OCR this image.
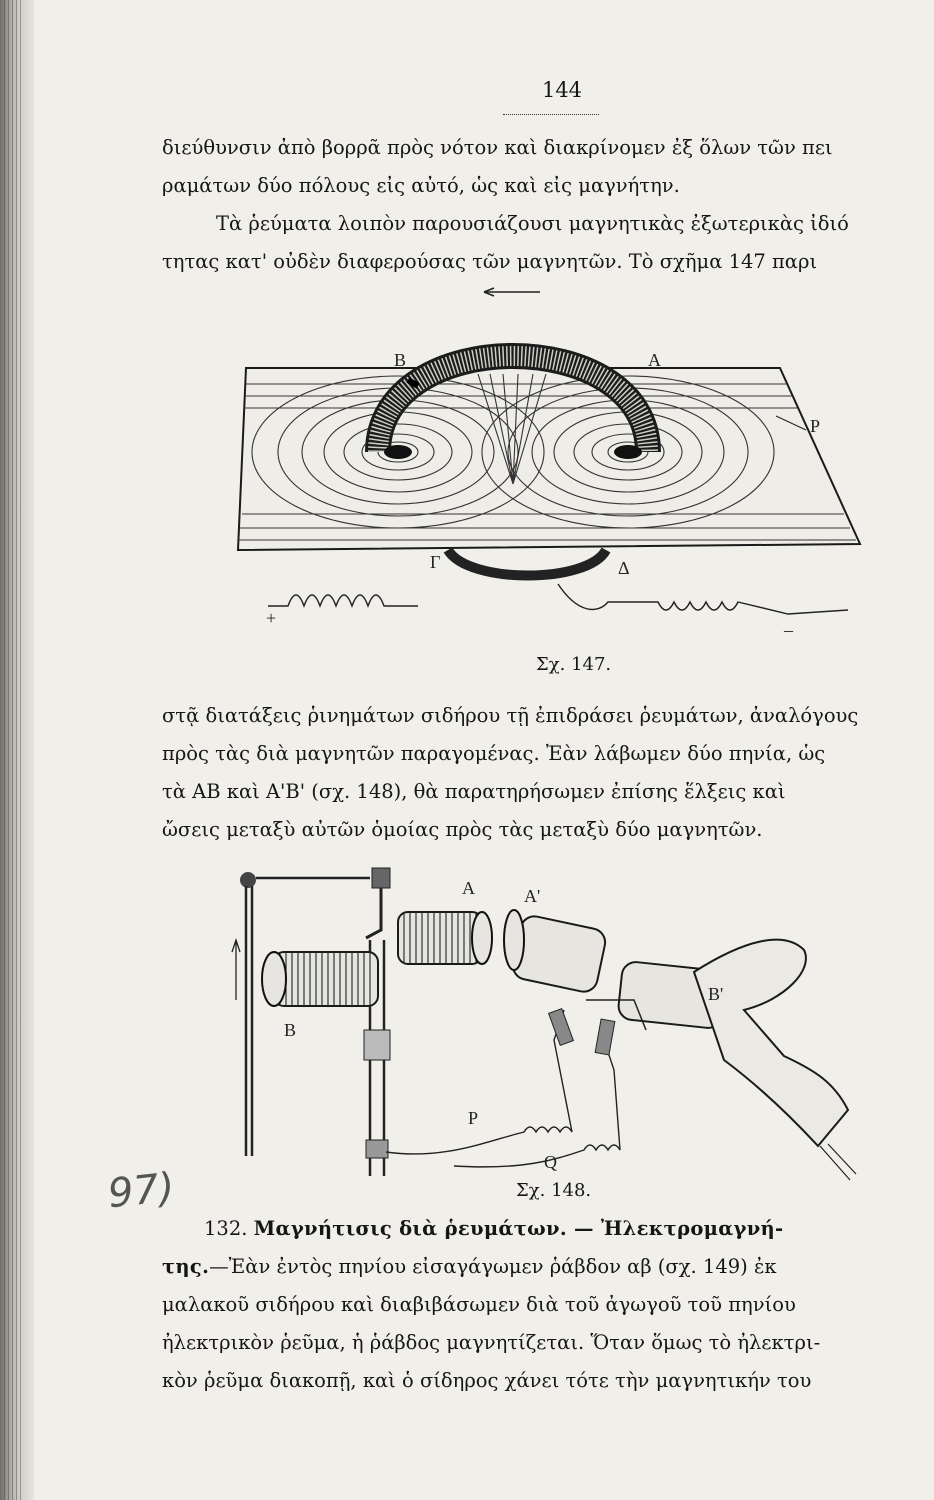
144
διεύθυνσιν ἀπὸ βορρᾶ πρὸς νότον καὶ διακρίνομεν ἐξ ὅλων τῶν πει
ραμάτων δύο πόλους εἰς αὐτό, ὡς καὶ εἰς μαγνήτην.
Τὰ ῥεύματα λοιπὸν παρουσιάζουσι μαγνητικὰς ἐξωτερικὰς ἰδιό
τητας κατ' οὐδὲν διαφερούσας τῶν μαγνητῶν. Τὸ σχῆμα 147 παρι
Β	Α
Ρ
Γ	Δ
+
–
Σχ. 147.
στᾷ διατάξεις ῥινημάτων σιδήρου τῇ ἐπιδράσει ῥευμάτων, ἀναλόγους
πρὸς τὰς διὰ μαγνητῶν παραγομένας. Ἐὰν λάβωμεν δύο πηνία, ὡς
τὰ ΑΒ καὶ Α'Β' (σχ. 148), θὰ παρατηρήσωμεν ἐπίσης ἕλξεις καὶ
ὤσεις μεταξὺ αὐτῶν ὁμοίας πρὸς τὰς μεταξὺ δύο μαγνητῶν.
Α
Β
Α'
Β'
Ρ
Q
Σχ. 148.
97)
132. Μαγνήτισις διὰ ῥευμάτων. — Ἠλεκτρομαγνή-
της.—Ἐὰν ἐντὸς πηνίου εἰσαγάγωμεν ῥάβδον αβ (σχ. 149) ἐκ
μαλακοῦ σιδήρου καὶ διαβιβάσωμεν διὰ τοῦ ἀγωγοῦ τοῦ πηνίου
ἠλεκτρικὸν ῥεῦμα, ἡ ῥάβδος μαγνητίζεται. Ὅταν ὅμως τὸ ἠλεκτρι-
κὸν ῥεῦμα διακοπῇ, καὶ ὁ σίδηρος χάνει τότε τὴν μαγνητικήν του
